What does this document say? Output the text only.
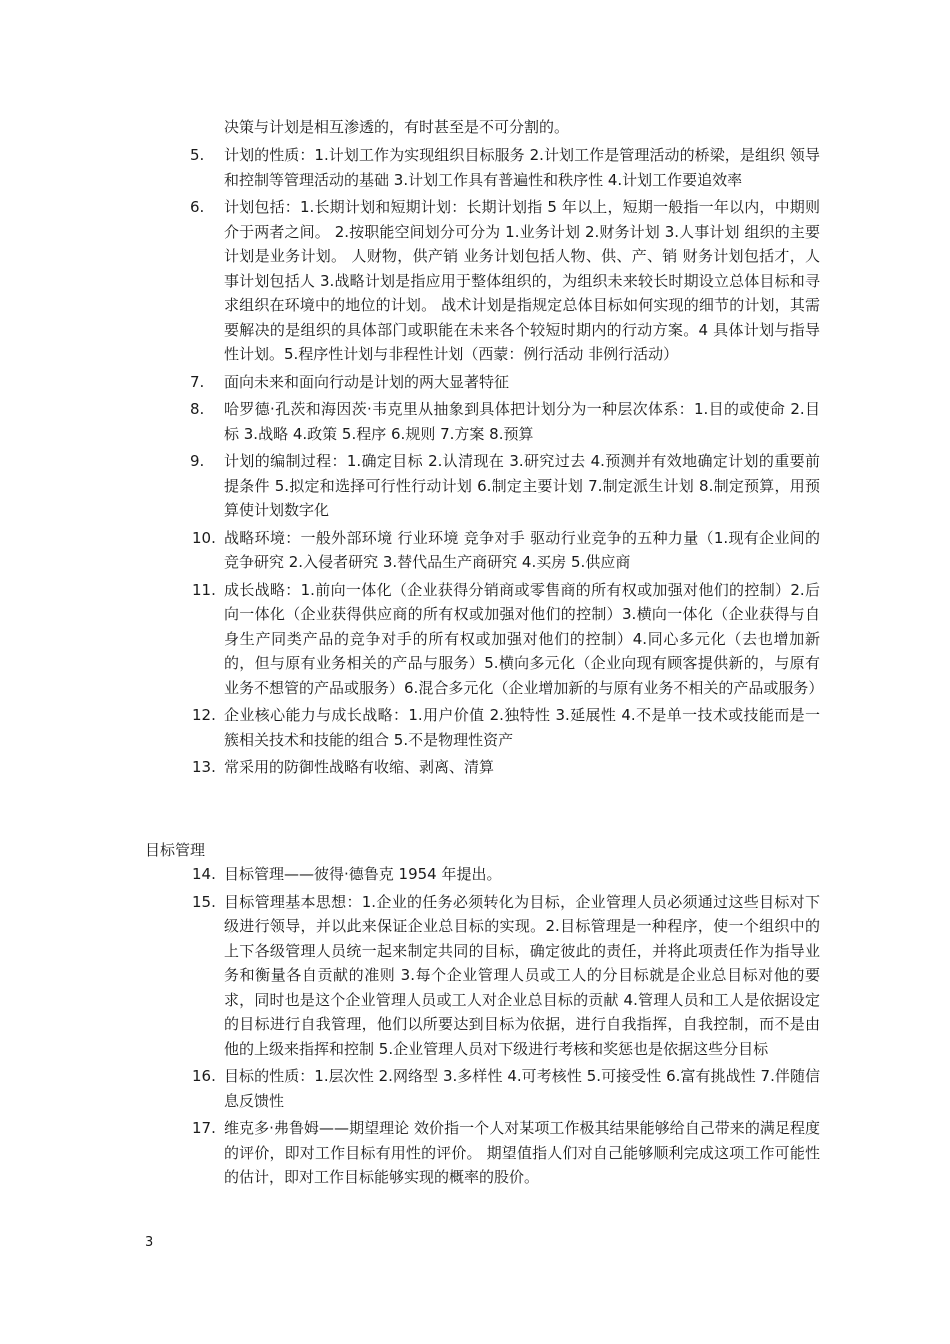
决策与计划是相互渗透的，有时甚至是不可分割的。

5.	计划的性质：1.计划工作为实现组织目标服务 2.计划工作是管理活动的桥梁，是组织 领导和控制等管理活动的基础 3.计划工作具有普遍性和秩序性 4.计划工作要追效率
6.	计划包括：1.长期计划和短期计划：长期计划指 5 年以上，短期一般指一年以内，中期则介于两者之间。 2.按职能空间划分可分为 1.业务计划 2.财务计划 3.人事计划 组织的主要计划是业务计划。 人财物，供产销 业务计划包括人物、供、产、销 财务计划包括才，人事计划包括人 3.战略计划是指应用于整体组织的，为组织未来较长时期设立总体目标和寻求组织在环境中的地位的计划。 战术计划是指规定总体目标如何实现的细节的计划，其需要解决的是组织的具体部门或职能在未来各个较短时期内的行动方案。4 具体计划与指导性计划。5.程序性计划与非程性计划（西蒙：例行活动 非例行活动）
7.	面向未来和面向行动是计划的两大显著特征
8.	哈罗德·孔茨和海因茨·韦克里从抽象到具体把计划分为一种层次体系：1.目的或使命 2.目标 3.战略 4.政策 5.程序 6.规则 7.方案 8.预算
9.	计划的编制过程：1.确定目标 2.认清现在 3.研究过去 4.预测并有效地确定计划的重要前提条件 5.拟定和选择可行性行动计划 6.制定主要计划 7.制定派生计划 8.制定预算，用预算使计划数字化
10. 战略环境：一般外部环境 行业环境 竞争对手 驱动行业竞争的五种力量（1.现有企业间的竞争研究 2.入侵者研究 3.替代品生产商研究 4.买房 5.供应商
11. 成长战略：1.前向一体化（企业获得分销商或零售商的所有权或加强对他们的控制）2.后向一体化（企业获得供应商的所有权或加强对他们的控制）3.横向一体化（企业获得与自身生产同类产品的竞争对手的所有权或加强对他们的控制）4.同心多元化（去也增加新的，但与原有业务相关的产品与服务）5.横向多元化（企业向现有顾客提供新的，与原有业务不想管的产品或服务）6.混合多元化（企业增加新的与原有业务不相关的产品或服务）
12. 企业核心能力与成长战略：1.用户价值 2.独特性 3.延展性 4.不是单一技术或技能而是一簇相关技术和技能的组合 5.不是物理性资产
13. 常采用的防御性战略有收缩、剥离、清算
目标管理
14. 目标管理——彼得·德鲁克 1954 年提出。
15. 目标管理基本思想：1.企业的任务必须转化为目标，企业管理人员必须通过这些目标对下级进行领导，并以此来保证企业总目标的实现。2.目标管理是一种程序，使一个组织中的上下各级管理人员统一起来制定共同的目标，确定彼此的责任，并将此项责任作为指导业务和衡量各自贡献的准则 3.每个企业管理人员或工人的分目标就是企业总目标对他的要求，同时也是这个企业管理人员或工人对企业总目标的贡献 4.管理人员和工人是依据设定的目标进行自我管理，他们以所要达到目标为依据，进行自我指挥，自我控制，而不是由他的上级来指挥和控制 5.企业管理人员对下级进行考核和奖惩也是依据这些分目标
16. 目标的性质：1.层次性 2.网络型 3.多样性 4.可考核性 5.可接受性 6.富有挑战性 7.伴随信息反馈性
17. 维克多·弗鲁姆——期望理论 效价指一个人对某项工作极其结果能够给自己带来的满足程度的评价，即对工作目标有用性的评价。 期望值指人们对自己能够顺利完成这项工作可能性的估计，即对工作目标能够实现的概率的股价。

3
